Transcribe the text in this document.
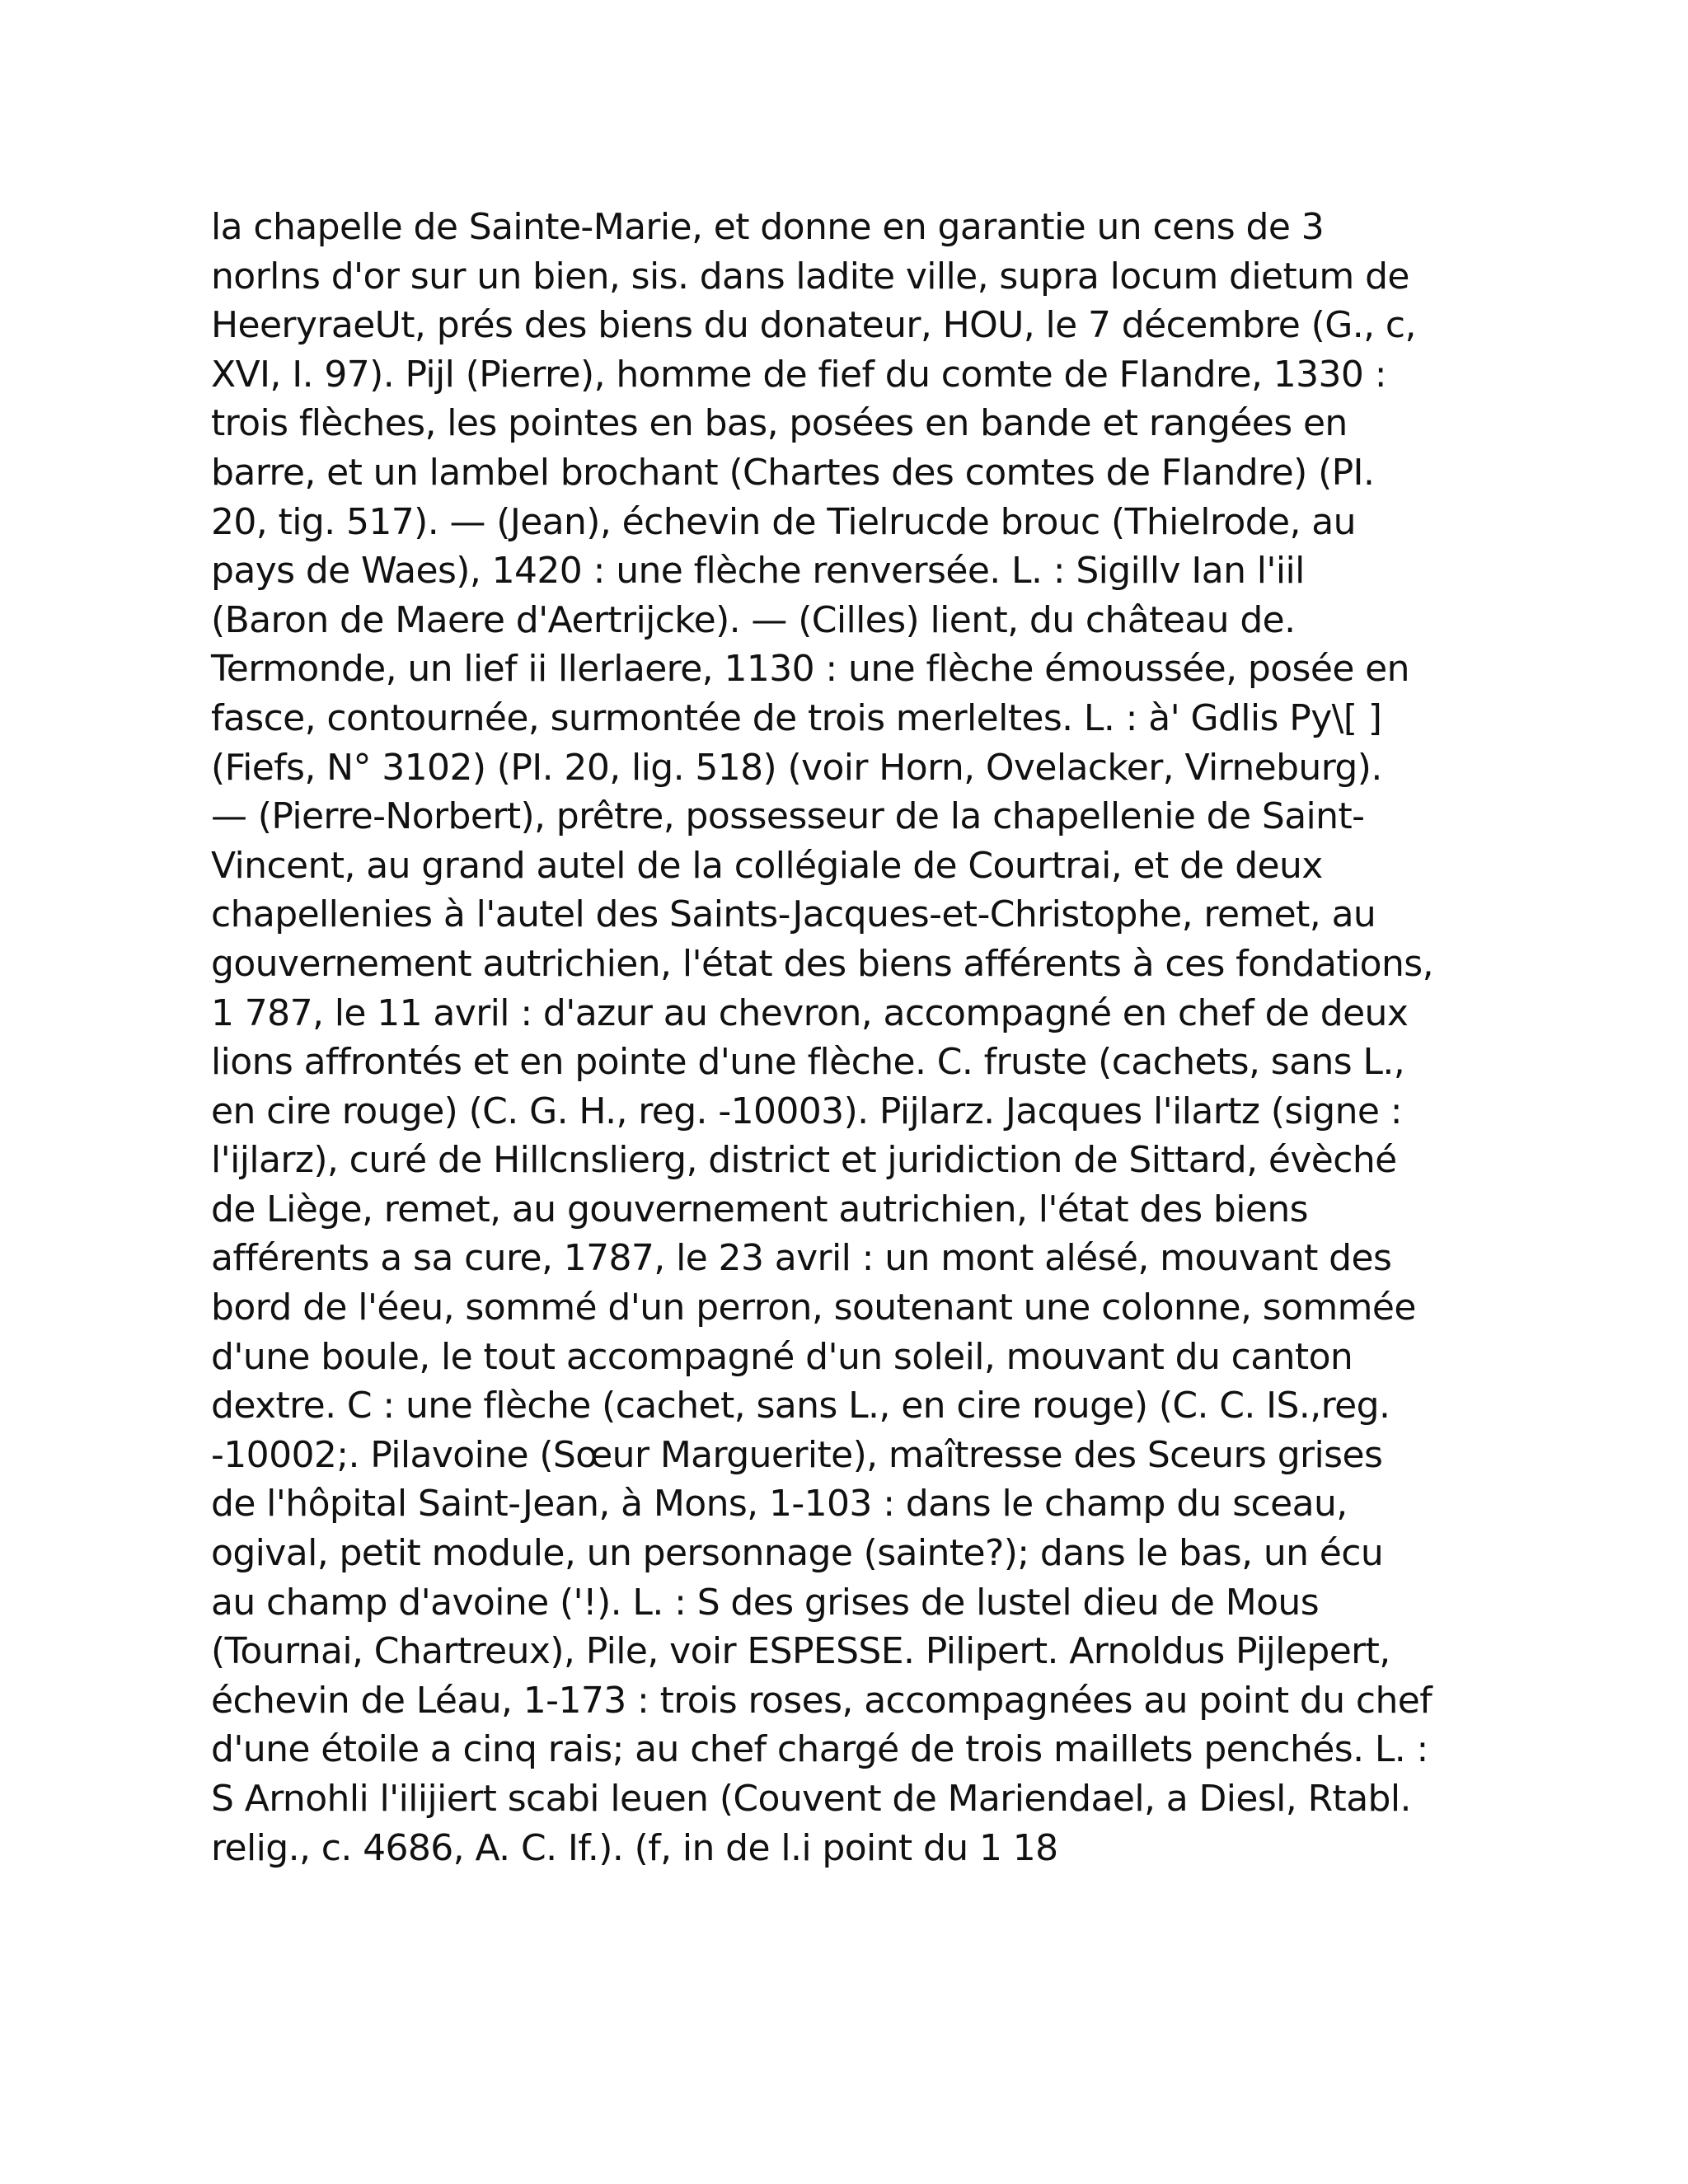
la chapelle de Sainte-Marie, et donne en garantie un cens de 3
norlns d'or sur un bien, sis. dans ladite ville, supra locum dietum de
HeeryraeUt, prés des biens du donateur, HOU, le 7 décembre (G., c,
XVI, I. 97). Pijl (Pierre), homme de fief du comte de Flandre, 1330 :
trois flèches, les pointes en bas, posées en bande et rangées en
barre, et un lambel brochant (Chartes des comtes de Flandre) (PI.
20, tig. 517). — (Jean), échevin de Tielrucde brouc (Thielrode, au
pays de Waes), 1420 : une flèche renversée. L. : Sigillv Ian l'iil
(Baron de Maere d'Aertrijcke). — (Cilles) lient, du château de.
Termonde, un lief ii llerlaere, 1130 : une flèche émoussée, posée en
fasce, contournée, surmontée de trois merleltes. L. : à' Gdlis Py\[ ]
(Fiefs, N° 3102) (PI. 20, lig. 518) (voir Horn, Ovelacker, Virneburg).
— (Pierre-Norbert), prêtre, possesseur de la chapellenie de Saint-
Vincent, au grand autel de la collégiale de Courtrai, et de deux
chapellenies à l'autel des Saints-Jacques-et-Christophe, remet, au
gouvernement autrichien, l'état des biens afférents à ces fondations,
1 787, le 11 avril : d'azur au chevron, accompagné en chef de deux
lions affrontés et en pointe d'une flèche. C. fruste (cachets, sans L.,
en cire rouge) (C. G. H., reg. -10003). Pijlarz. Jacques l'ilartz (signe :
l'ijlarz), curé de Hillcnslierg, district et juridiction de Sittard, évèché
de Liège, remet, au gouvernement autrichien, l'état des biens
afférents a sa cure, 1787, le 23 avril : un mont alésé, mouvant des
bord de l'éeu, sommé d'un perron, soutenant une colonne, sommée
d'une boule, le tout accompagné d'un soleil, mouvant du canton
dextre. C : une flèche (cachet, sans L., en cire rouge) (C. C. IS.,reg.
-10002;. Pilavoine (Sœur Marguerite), maîtresse des Sceurs grises
de l'hôpital Saint-Jean, à Mons, 1-103 : dans le champ du sceau,
ogival, petit module, un personnage (sainte?); dans le bas, un écu
au champ d'avoine ('!). L. : S des grises de lustel dieu de Mous
(Tournai, Chartreux), Pile, voir ESPESSE. Pilipert. Arnoldus Pijlepert,
échevin de Léau, 1-173 : trois roses, accompagnées au point du chef
d'une étoile a cinq rais; au chef chargé de trois maillets penchés. L. :
S Arnohli l'ilijiert scabi leuen (Couvent de Mariendael, a Diesl, Rtabl.
relig., c. 4686, A. C. If.). (f, in de l.i point du 1 18
